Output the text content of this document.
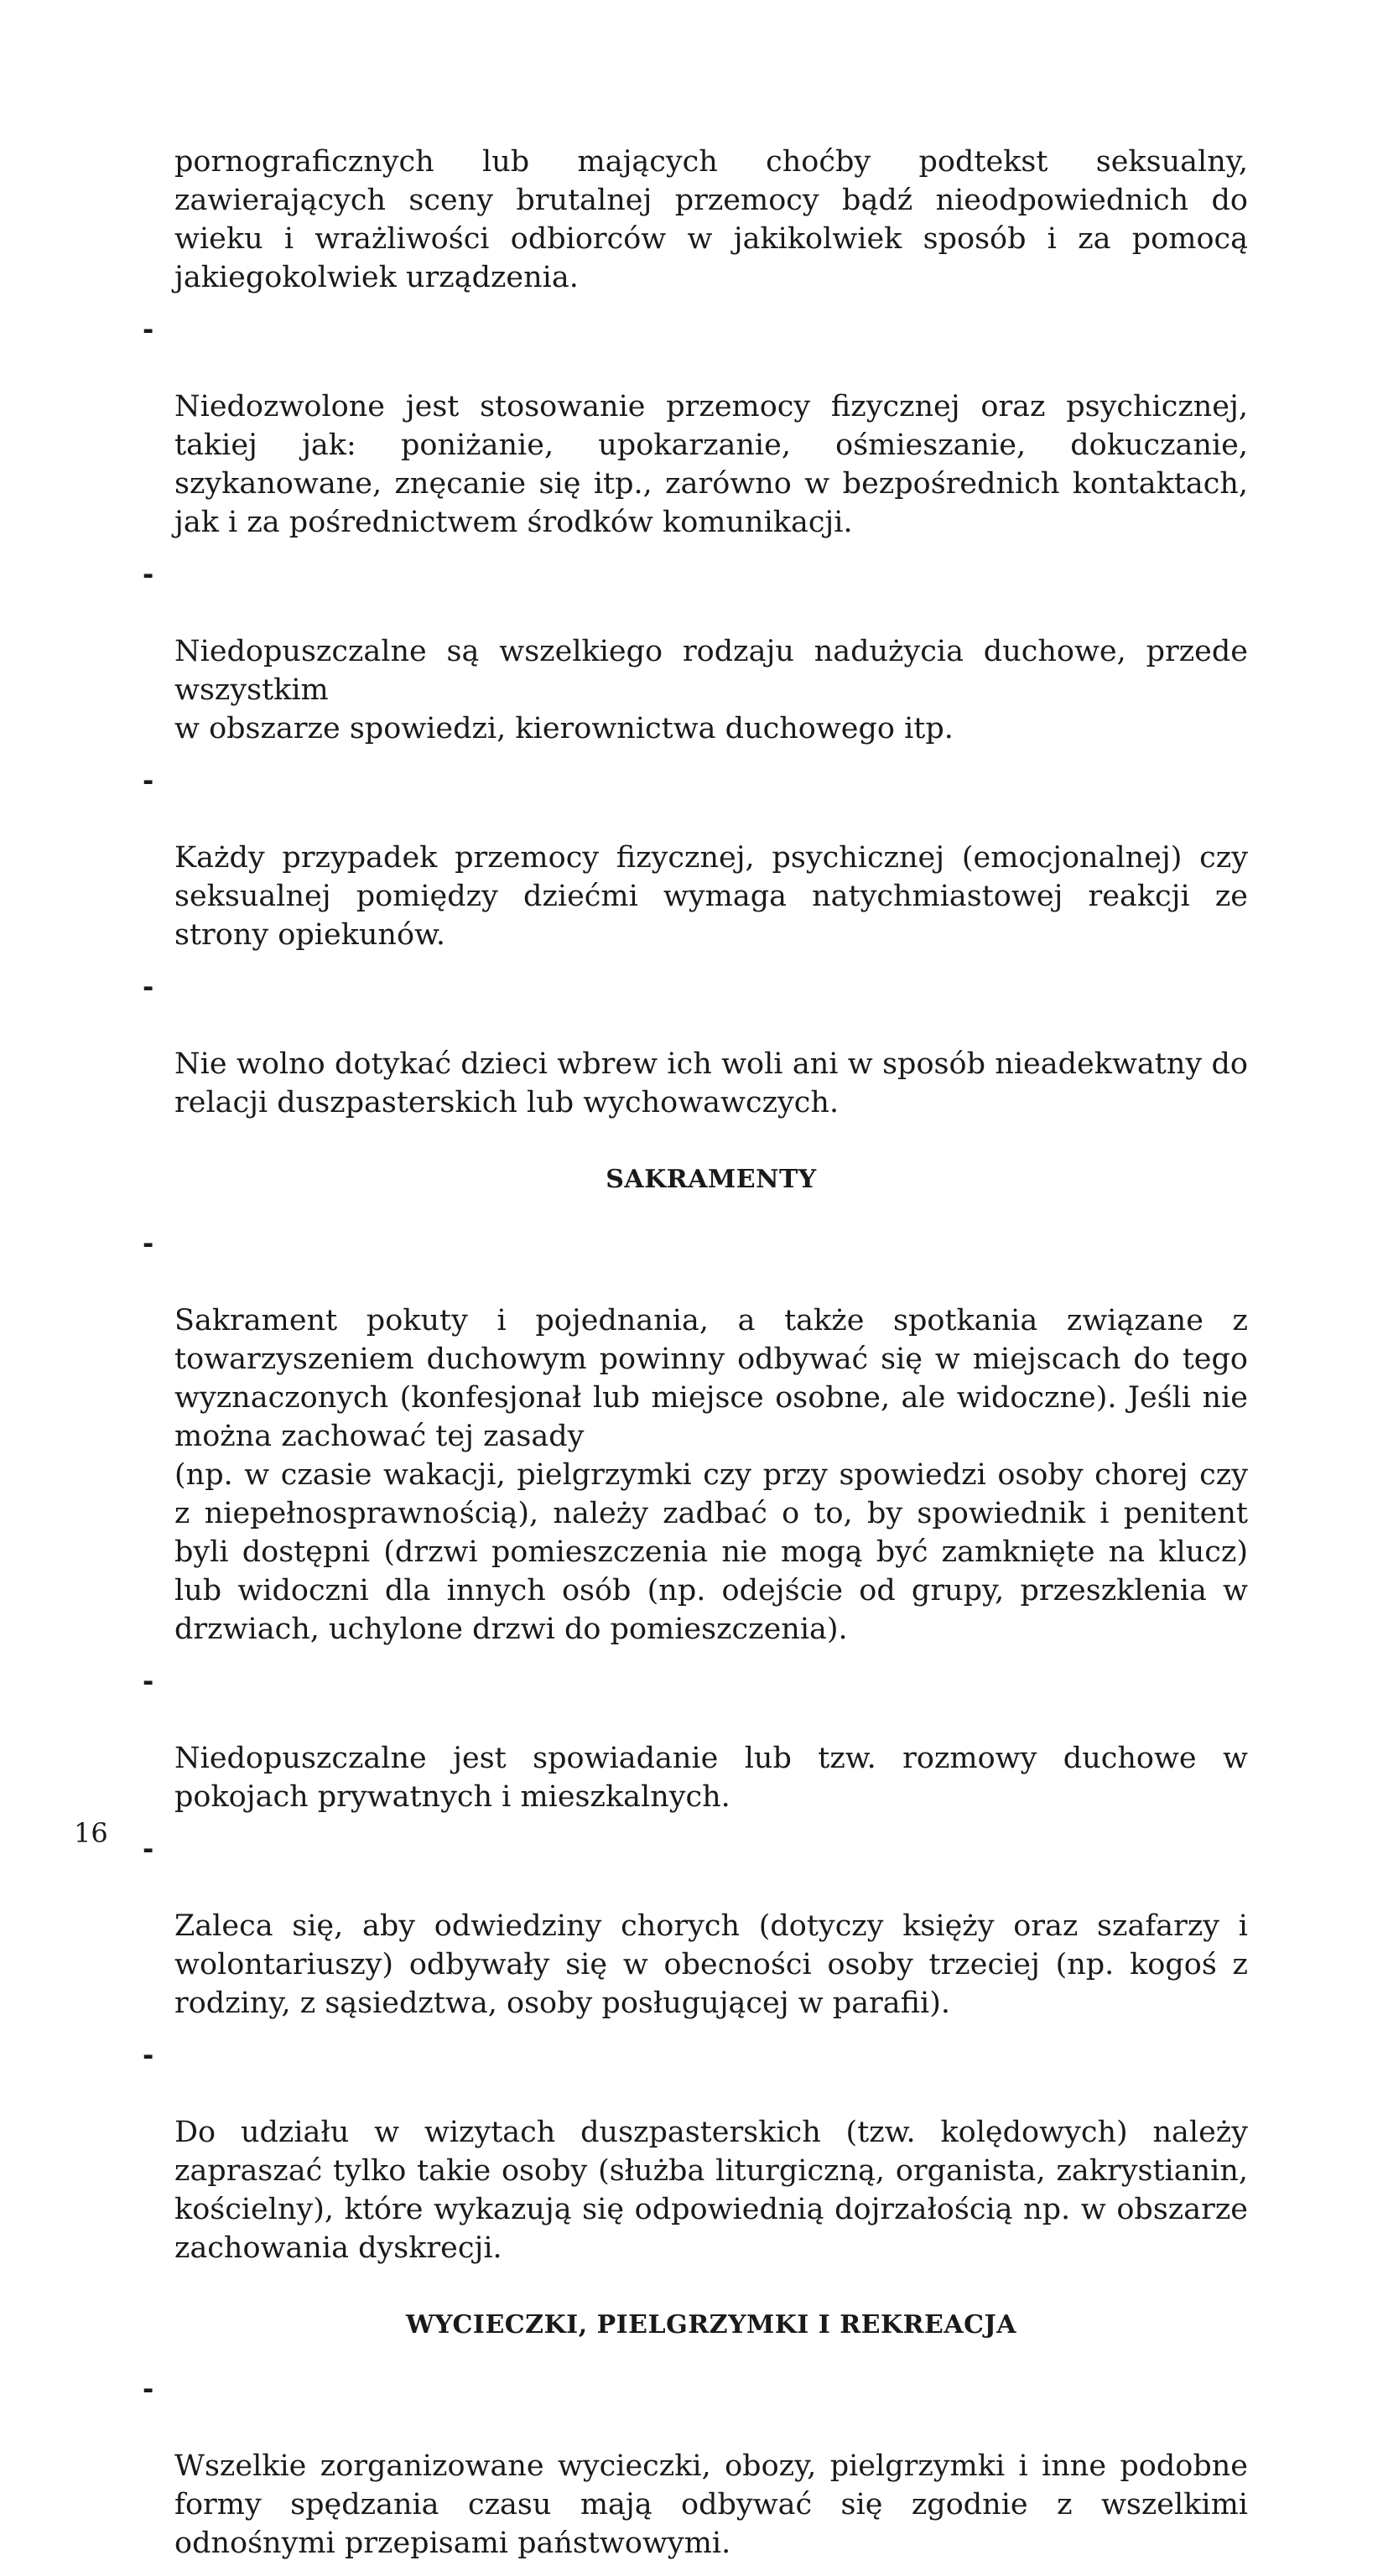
pornograficznych lub mających choćby podtekst seksualny, zawierających sceny brutalnej przemocy bądź nieodpowiednich do wieku i wrażliwości odbiorców w jakikolwiek sposób i za pomocą jakiegokolwiek urządzenia.

-

Niedozwolone jest stosowanie przemocy fizycznej oraz psychicznej, takiej jak: poniżanie, upokarzanie, ośmieszanie, dokuczanie, szykanowane, znęcanie się itp., zarówno w bezpośrednich kontaktach, jak i za pośrednictwem środków komunikacji.

-

Niedopuszczalne są wszelkiego rodzaju nadużycia duchowe, przede wszystkim
w obszarze spowiedzi, kierownictwa duchowego itp.

-

Każdy przypadek przemocy fizycznej, psychicznej (emocjonalnej) czy seksualnej pomiędzy dziećmi wymaga natychmiastowej reakcji ze strony opiekunów.

-

Nie wolno dotykać dzieci wbrew ich woli ani w sposób nieadekwatny do relacji duszpasterskich lub wychowawczych.

SAKRAMENTY

-

Sakrament pokuty i pojednania, a także spotkania związane z towarzyszeniem duchowym powinny odbywać się w miejscach do tego wyznaczonych (konfesjonał lub miejsce osobne, ale widoczne). Jeśli nie można zachować tej zasady
(np. w czasie wakacji, pielgrzymki czy przy spowiedzi osoby chorej czy z niepełnosprawnością), należy zadbać o to, by spowiednik i penitent byli dostępni (drzwi pomieszczenia nie mogą być zamknięte na klucz) lub widoczni dla innych osób (np. odejście od grupy, przeszklenia w drzwiach, uchylone drzwi do pomieszczenia).

-

Niedopuszczalne jest spowiadanie lub tzw. rozmowy duchowe w pokojach prywatnych i mieszkalnych.

-

Zaleca się, aby odwiedziny chorych (dotyczy księży oraz szafarzy i wolontariuszy) odbywały się w obecności osoby trzeciej (np. kogoś z rodziny, z sąsiedztwa, osoby posługującej w parafii).

-

Do udziału w wizytach duszpasterskich (tzw. kolędowych) należy zapraszać tylko takie osoby (służba liturgiczną, organista, zakrystianin, kościelny), które wykazują się odpowiednią dojrzałością np. w obszarze zachowania dyskrecji.

WYCIECZKI, PIELGRZYMKI I REKREACJA

-

Wszelkie zorganizowane wycieczki, obozy, pielgrzymki i inne podobne formy spędzania czasu mają odbywać się zgodnie z wszelkimi odnośnymi przepisami państwowymi.

16
